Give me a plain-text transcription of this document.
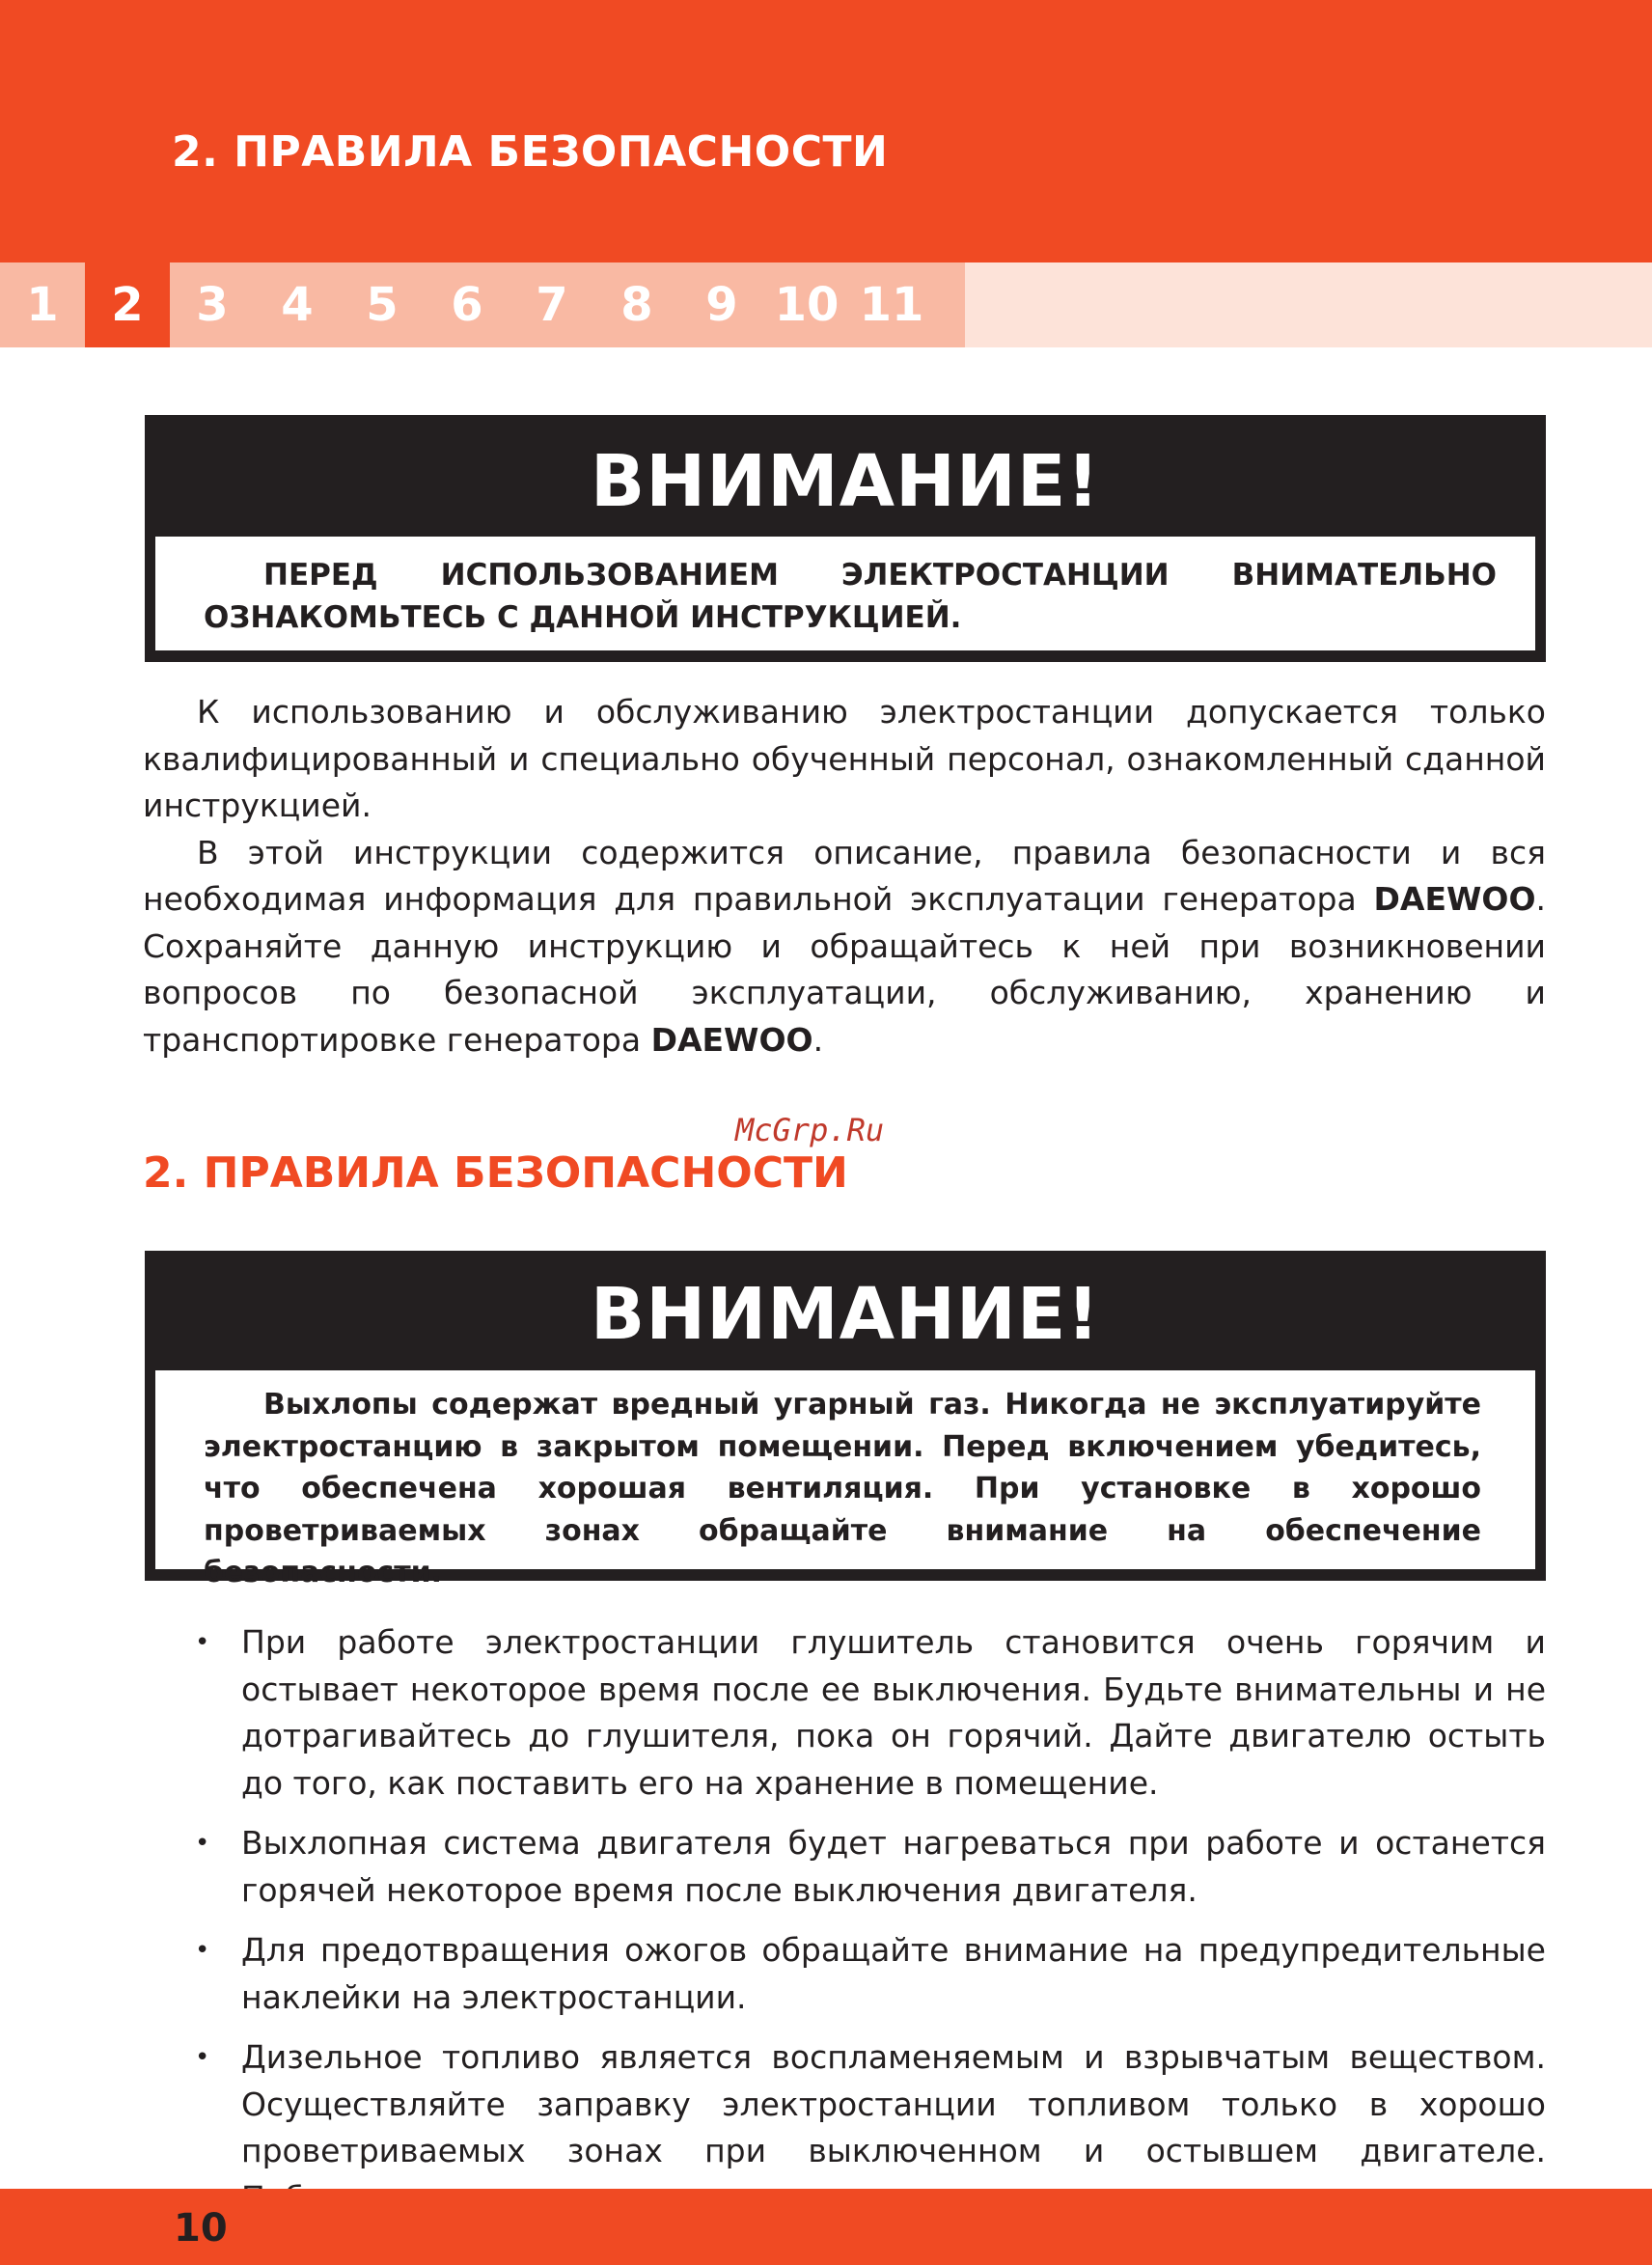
2. ПРАВИЛА БЕЗОПАСНОСТИ
1	2	3	4	5	6	7	8	9 10 11
ВНИМАНИЕ!
ПЕРЕД ИСПОЛЬЗОВАНИЕМ ЭЛЕКТРОСТАНЦИИ ВНИМАТЕЛЬНО ОЗНАКОМЬТЕСЬ С ДАННОЙ ИНСТРУКЦИЕЙ.

К использованию и обслуживанию электростанции допускается только квалифицированный и специально обученный персонал, ознакомленный сданной инструкцией.

В этой инструкции содержится описание, правила безопасности и вся необходимая информация для правильной эксплуатации генератора DAEWOO. Сохраняйте данную инструкцию и обращайтесь к ней при возникновении вопросов по безопасной эксплуатации, обслуживанию, хранению и транспортировке генератора DAEWOO.

McGrp.Ru
2. ПРАВИЛА БЕЗОПАСНОСТИ
ВНИМАНИЕ!
Выхлопы содержат вредный угарный газ. Никогда не эксплуатируйте электростанцию в закрытом помещении. Перед включением убедитесь, что обеспечена хорошая вентиляция. При установке в хорошо проветриваемых зонах обращайте внимание на обеспечение безопасности.
• При работе электростанции глушитель становится очень горячим и остывает некоторое время после ее выключения. Будьте внимательны и не дотрагивайтесь до глушителя, пока он горячий. Дайте двигателю остыть до того, как поставить его на хранение в помещение.
• Выхлопная система двигателя будет нагреваться при работе и останется горячей некоторое время после выключения двигателя.
• Для предотвращения ожогов обращайте внимание на предупредительные наклейки на электростанции.
• Дизельное топливо является воспламеняемым и взрывчатым веществом. Осуществляйте заправку электростанции топливом только в хорошо проветриваемых зонах при выключенном и остывшем двигателе.
10
